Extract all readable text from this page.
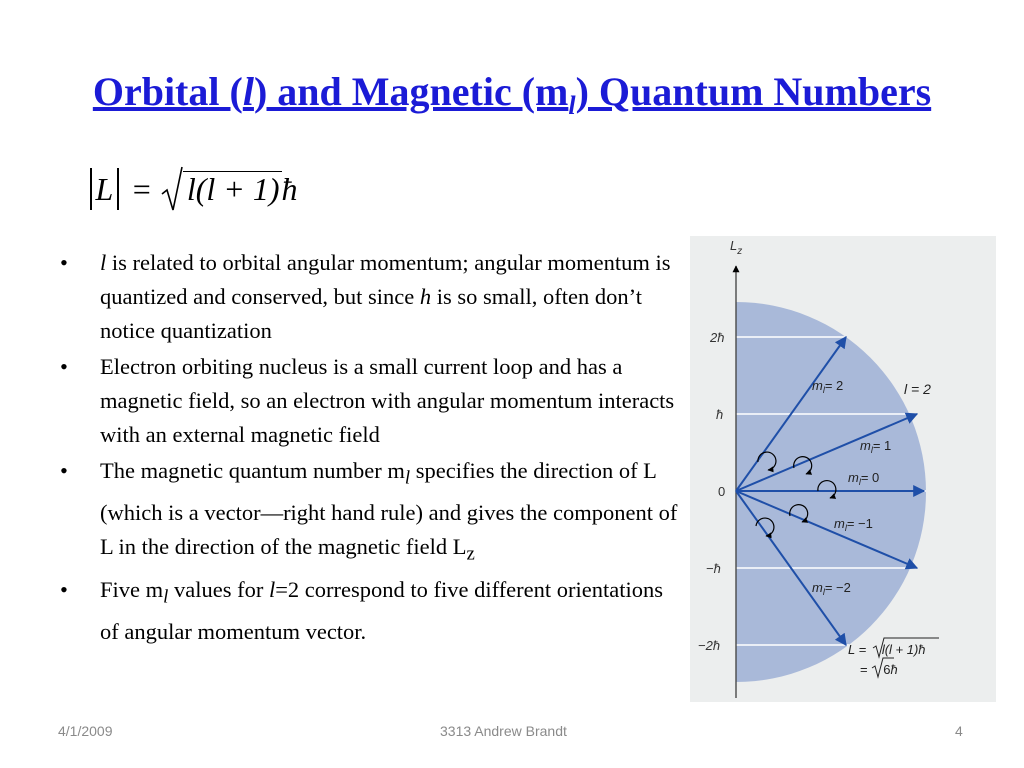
Orbital (l) and Magnetic $(m_l)$ Quantum Numbers
L = l(l + 1) ħ
• l is related to orbital angular momentum; angular momentum is quantized and conserved, but since h is so small, often don’t notice quantization
• Electron orbiting nucleus is a small current loop and has a magnetic field, so an electron with angular momentum interacts with an external magnetic field
• The magnetic quantum number $m_l$ specifies the direction of L (which is a vector—right hand rule) and gives the component of L in the direction of the magnetic field $L_z$
• Five $m_l$ values for l=2 correspond to five different orientations of angular momentum vector.
$L_z$
2ħ
ħ
0
−ħ
−2ħ
$m_l= 2$
$m_l= 1$
$m_l= 0$
$m_l= -1$
$m_l= -2$
l = 2
L = l(l + 1)ħ
= 6ħ
4/1/2009	3313 Andrew Brandt	4
